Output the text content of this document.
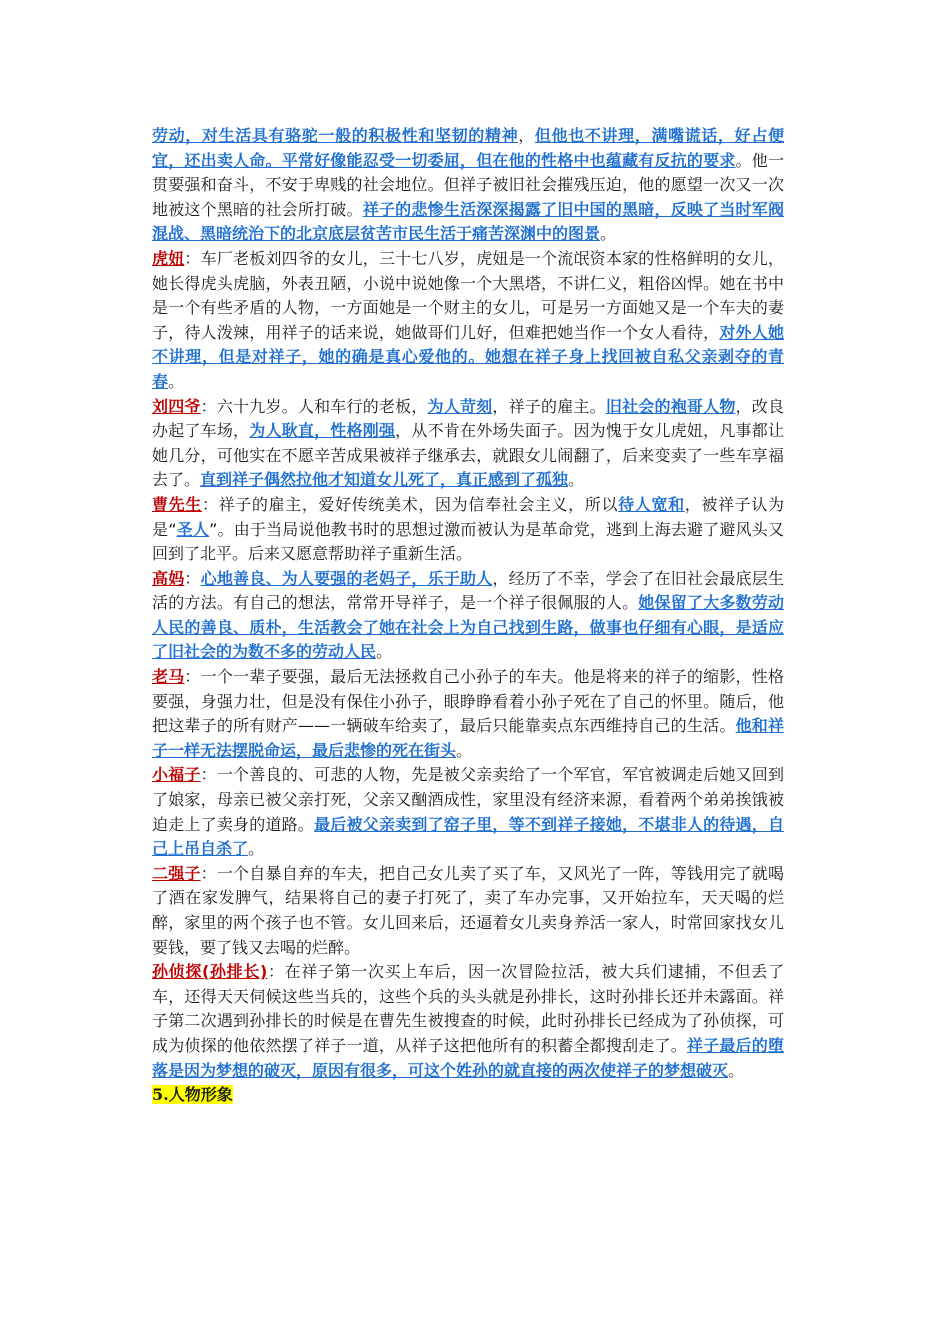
劳动，对生活具有骆驼一般的积极性和坚韧的精神，但他也不讲理，满嘴谎话，好占便宜，还出卖人命。平常好像能忍受一切委屈，但在他的性格中也蕴藏有反抗的要求。他一贯要强和奋斗，不安于卑贱的社会地位。但祥子被旧社会摧残压迫，他的愿望一次又一次地被这个黑暗的社会所打破。祥子的悲惨生活深深揭露了旧中国的黑暗，反映了当时军阀混战、黑暗统治下的北京底层贫苦市民生活于痛苦深渊中的图景。
虎妞：车厂老板刘四爷的女儿，三十七八岁，虎妞是一个流氓资本家的性格鲜明的女儿，她长得虎头虎脑，外表丑陋，小说中说她像一个大黑塔，不讲仁义，粗俗凶悍。她在书中是一个有些矛盾的人物，一方面她是一个财主的女儿，可是另一方面她又是一个车夫的妻子，待人泼辣，用祥子的话来说，她做哥们儿好，但难把她当作一个女人看待，对外人她不讲理，但是对祥子，她的确是真心爱他的。她想在祥子身上找回被自私父亲剥夺的青春。
刘四爷：六十九岁。人和车行的老板，为人苛刻，祥子的雇主。旧社会的袍哥人物，改良办起了车场，为人耿直，性格刚强，从不肯在外场失面子。因为愧于女儿虎妞，凡事都让她几分，可他实在不愿辛苦成果被祥子继承去，就跟女儿闹翻了，后来变卖了一些车享福去了。直到祥子偶然拉他才知道女儿死了，真正感到了孤独。
曹先生：祥子的雇主，爱好传统美术，因为信奉社会主义，所以待人宽和，被祥子认为是“圣人”。由于当局说他教书时的思想过激而被认为是革命党，逃到上海去避了避风头又回到了北平。后来又愿意帮助祥子重新生活。
高妈：心地善良、为人要强的老妈子，乐于助人，经历了不幸，学会了在旧社会最底层生活的方法。有自己的想法，常常开导祥子，是一个祥子很佩服的人。她保留了大多数劳动人民的善良、质朴，生活教会了她在社会上为自己找到生路，做事也仔细有心眼，是适应了旧社会的为数不多的劳动人民。
老马：一个一辈子要强，最后无法拯救自己小孙子的车夫。他是将来的祥子的缩影，性格要强，身强力壮，但是没有保住小孙子，眼睁睁看着小孙子死在了自己的怀里。随后，他把这辈子的所有财产——一辆破车给卖了，最后只能靠卖点东西维持自己的生活。他和祥子一样无法摆脱命运，最后悲惨的死在街头。
小福子：一个善良的、可悲的人物，先是被父亲卖给了一个军官，军官被调走后她又回到了娘家，母亲已被父亲打死，父亲又酗酒成性，家里没有经济来源，看着两个弟弟挨饿被迫走上了卖身的道路。最后被父亲卖到了窑子里，等不到祥子接她，不堪非人的待遇，自己上吊自杀了。
二强子：一个自暴自弃的车夫，把自己女儿卖了买了车，又风光了一阵，等钱用完了就喝了酒在家发脾气，结果将自己的妻子打死了，卖了车办完事，又开始拉车，天天喝的烂醉，家里的两个孩子也不管。女儿回来后，还逼着女儿卖身养活一家人，时常回家找女儿要钱，要了钱又去喝的烂醉。
孙侦探(孙排长)：在祥子第一次买上车后，因一次冒险拉活，被大兵们逮捕，不但丢了车，还得天天伺候这些当兵的，这些个兵的头头就是孙排长，这时孙排长还并未露面。祥子第二次遇到孙排长的时候是在曹先生被搜查的时候，此时孙排长已经成为了孙侦探，可成为侦探的他依然摆了祥子一道，从祥子这把他所有的积蓄全都搜刮走了。祥子最后的堕落是因为梦想的破灭，原因有很多，可这个姓孙的就直接的两次使祥子的梦想破灭。
5.人物形象
